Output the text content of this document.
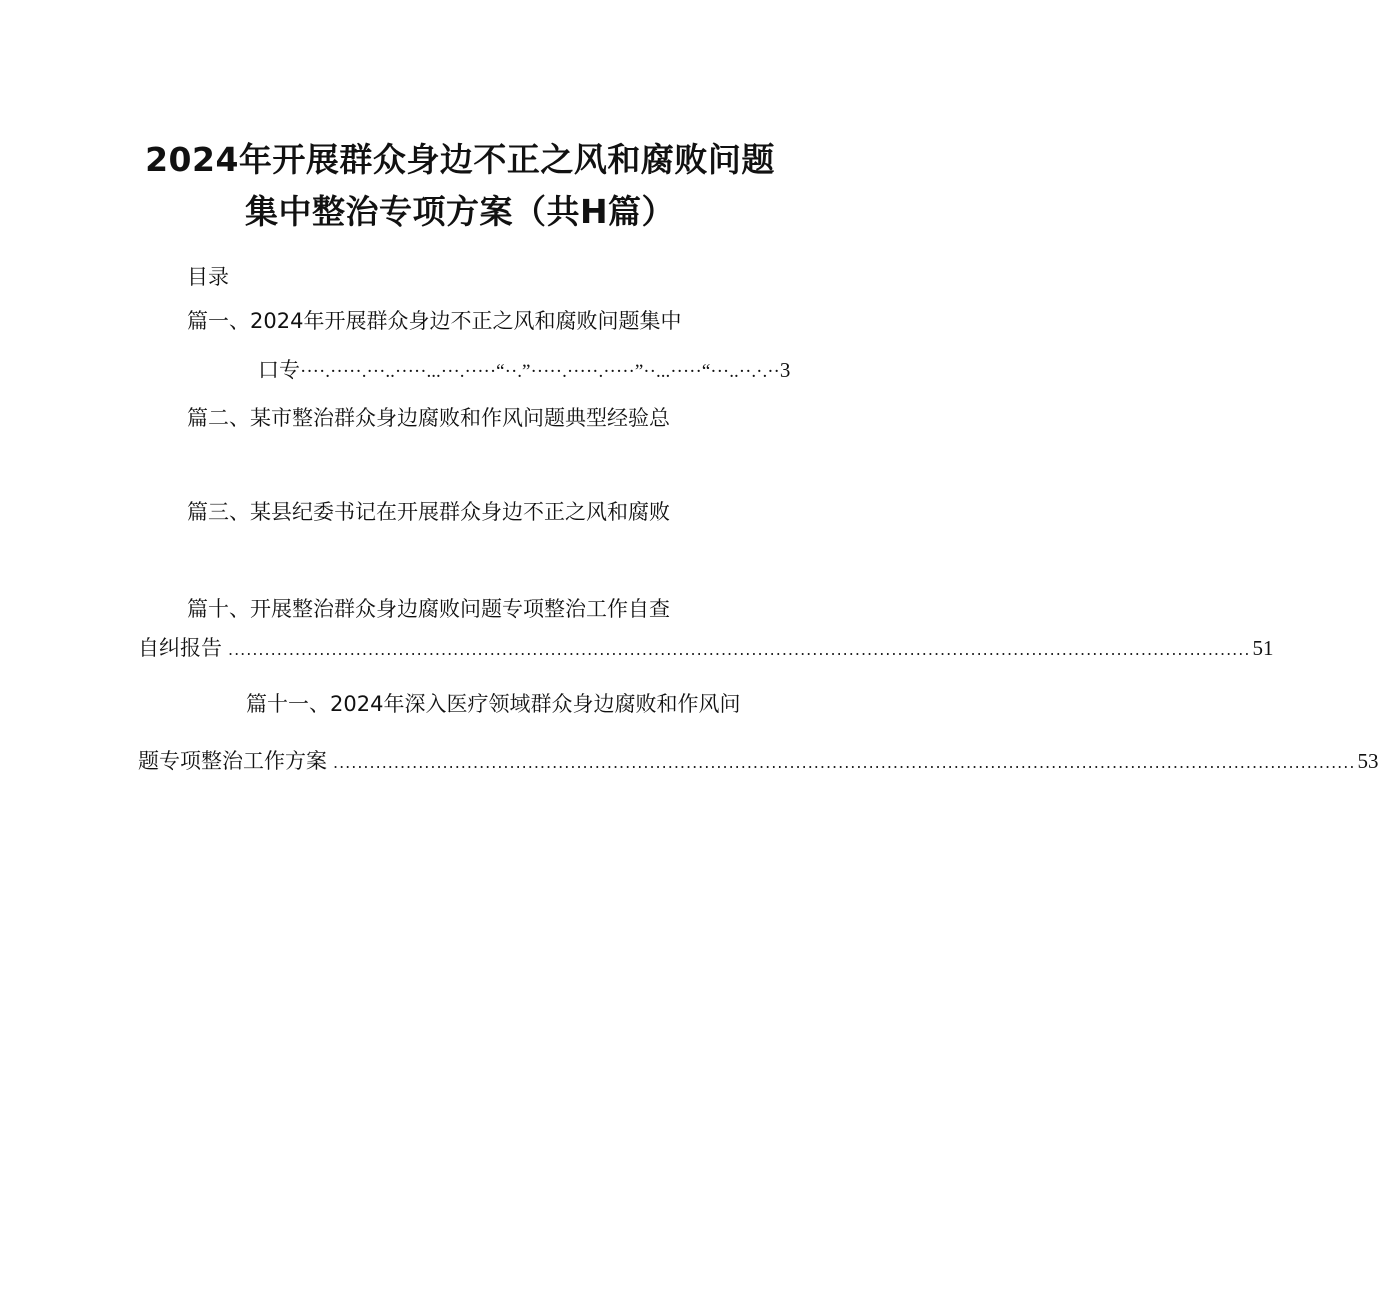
2024年开展群众身边不正之风和腐败问题
集中整治专项方案（共H篇）
目录
篇一、2024年开展群众身边不正之风和腐败问题集中
口专····.·····.···..·····...···.·····“··.”·····.·····.·····”··...·····“···..··.·.··3
篇二、某市整治群众身边腐败和作风问题典型经验总
篇三、某县纪委书记在开展群众身边不正之风和腐败
篇十、开展整治群众身边腐败问题专项整治工作自查
自纠报告 ........................................................................................................................................................................ 51
篇十一、2024年深入医疗领域群众身边腐败和作风问
题专项整治工作方案 ........................................................................................................................................................................ 53
